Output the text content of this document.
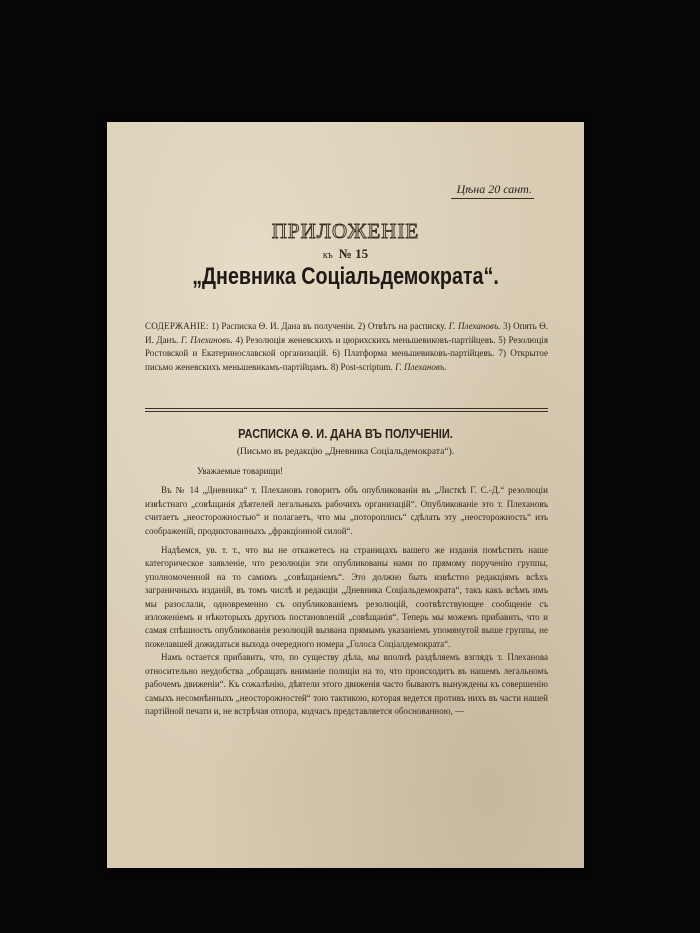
Цѣна 20 сант.
ПРИЛОЖЕНІЕ
къ № 15
„Дневника Соціальдемократа“.
СОДЕРЖАНІЕ: 1) Расписка Ѳ. И. Дана въ полученіи. 2) Отвѣтъ на расписку. Г. Плехановъ. 3) Опять Ѳ. И. Данъ. Г. Плехановъ. 4) Резолюція женевскихъ и цюрихскихъ меньшевиковъ-партійцевъ. 5) Резолюція Ростовской и Екатеринославской организацій. 6) Платформа меньшевиковъ-партійцевъ. 7) Открытое письмо женевскихъ меньшевикамъ-партійцамъ. 8) Post-scriptum. Г. Плехановъ.
РАСПИСКА Ѳ. И. ДАНА ВЪ ПОЛУЧЕНІИ.
(Письмо въ редакцію „Дневника Соціальдемократа“).

Уважаемые товарищи!

Въ № 14 „Дневника“ т. Плехановъ говоритъ объ опубликованіи въ „Листкѣ Г. С.-Д.“ резолюціи извѣстнаго „совѣщанія дѣятелей легальныхъ рабочихъ организацій“. Опубликованіе это т. Плехановъ считаетъ „неосторожностью“ и полагаетъ, что мы „потороплись“ сдѣлать эту „неосторожность“ изъ соображеній, продиктованныхъ „фракціонной силой“.

Надѣемся, ув. т. т., что вы не откажетесь на страницахъ вашего же изданія помѣстить наше категорическое заявленіе, что резолюціи эти опубликованы нами по прямому порученію группы, уполномоченной на то самимъ „совѣщаніемъ“. Это должно быть извѣстно редакціямъ всѣхъ заграничныхъ изданій, въ томъ числѣ и редакціи „Дневника Соціальдемократа“, такъ какъ всѣмъ имъ мы разослали, одновременно съ опубликованіемъ резолюцій, соотвѣтствующее сообщеніе съ изложеніемъ и нѣкоторыхъ другихъ постановленій „совѣщанія“. Теперь мы можемъ прибавить, что и самая спѣшность опубликованія резолюцій вызвана прямымъ указаніемъ упомянутой выше группы, не пожелавшей дожидаться выхода очередного номера „Голоса Соціалдемократа“.

Намъ остается прибавить, что, по существу дѣла, мы вполнѣ раздѣляемъ взглядъ т. Плеханова относительно неудобства „обращать вниманіе полиціи на то, что происходитъ въ нашемъ легальномъ рабочемъ движеніи“. Къ сожалѣнію, дѣятели этого движенія часто бываютъ вынуждены къ совершенію самыхъ несомнѣнныхъ „неосторожностей“ тою тактикою, которая ведется противъ нихъ въ части нашей партійной печати и, не встрѣчая отпора, кодчасъ представляется обоснованною, —
